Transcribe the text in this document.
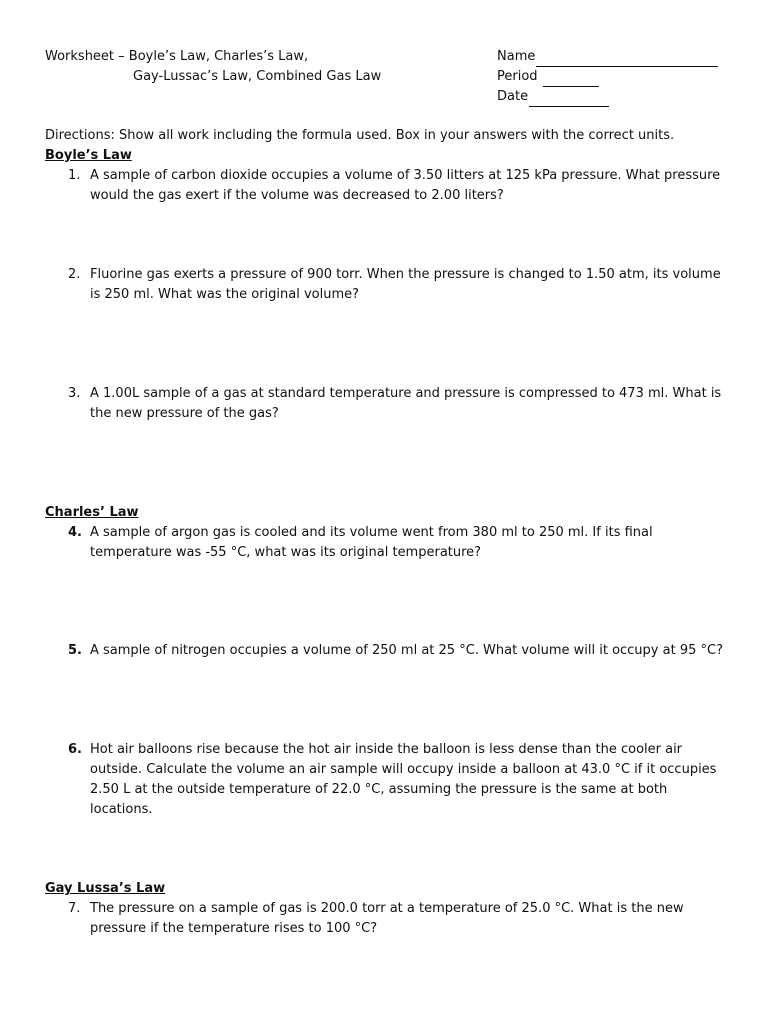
Worksheet – Boyle’s Law, Charles’s Law,
Gay-Lussac’s Law, Combined Gas Law
Name
Period
Date
Directions: Show all work including the formula used. Box in your answers with the correct units.
Boyle’s Law
1. A sample of carbon dioxide occupies a volume of 3.50 litters at 125 kPa pressure. What pressure
would the gas exert if the volume was decreased to 2.00 liters?
2. Fluorine gas exerts a pressure of 900 torr. When the pressure is changed to 1.50 atm, its volume
is 250 ml. What was the original volume?
3. A 1.00L sample of a gas at standard temperature and pressure is compressed to 473 ml. What is
the new pressure of the gas?
Charles’ Law
4. A sample of argon gas is cooled and its volume went from 380 ml to 250 ml. If its final
temperature was -55 °C, what was its original temperature?
5. A sample of nitrogen occupies a volume of 250 ml at 25 °C. What volume will it occupy at 95 °C?
6. Hot air balloons rise because the hot air inside the balloon is less dense than the cooler air
outside. Calculate the volume an air sample will occupy inside a balloon at 43.0 °C if it occupies
2.50 L at the outside temperature of 22.0 °C, assuming the pressure is the same at both
locations.
Gay Lussa’s Law
7. The pressure on a sample of gas is 200.0 torr at a temperature of 25.0 °C. What is the new
pressure if the temperature rises to 100 °C?
